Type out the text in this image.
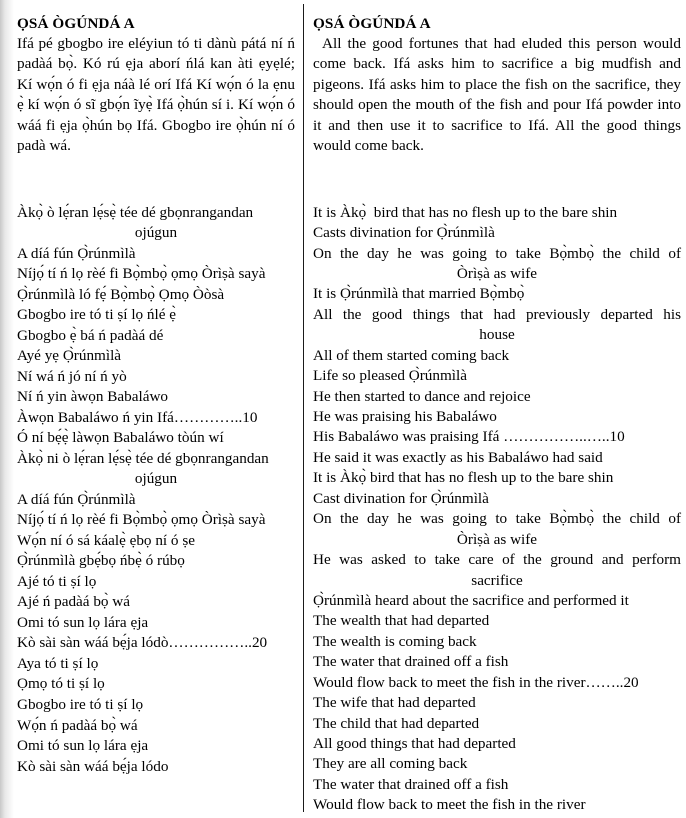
ỌSÁ ÒGÚNDÁ A

Ifá pé gbogbo ire eléyiun tó ti dànù pátá ní ń padàá bọ̀. Kó rú ẹja aborí ńlá kan àti ẹyẹlé; Kí wọ́n ó fi ẹja náà lé orí Ifá Kí wọ́n ó la ẹnu ẹ̀ kí wọ́n ó sĩ gbọ́n ĩyẹ̀ Ifá ọ̀hún sí i. Kí wọ́n ó wáá fi ẹja ọ̀hún bọ Ifá. Gbogbo ire ọ̀hún ní ó padà wá.

Àkọ̀ ò lẹ́ran lẹ́sẹ̀ tée dé gbọnrangandan
ojúgun
A díá fún Ọ̀rúnmìlà
Níjọ́ tí ń lọ rèé fi Bọ̀mbọ̀ ọmọ Òrìṣà sayà
Ọ̀rúnmìlà ló fẹ́ Bọ̀mbọ̀ Ọmọ Òòsà
Gbogbo ire tó ti ṣí lọ ńlé ẹ̀
Gbogbo ẹ̀ bá ń padàá dé
Ayé yẹ Ọ̀rúnmìlà
Ní wá ń jó ní ń yò
Ní ń yin àwọn Babaláwo
Àwọn Babaláwo ń yin Ifá…………..10
Ó ní bẹ́ẹ̀ làwọn Babaláwo tòún wí
Àkọ̀ ni ò lẹ́ran lẹ́sẹ̀ tée dé gbọnrangandan
ojúgun
A díá fún Ọ̀rúnmìlà
Níjọ́ tí ń lọ rèé fi Bọ̀mbọ̀ ọmọ Òrìṣà sayà
Wọ́n ní ó sá káalẹ̀ ẹbọ ní ó ṣe
Ọ̀rúnmìlà gbẹ́bọ ńbẹ̀ ó rúbọ
Ajé tó ti ṣí lọ
Ajé ń padàá bọ̀ wá
Omi tó sun lọ lára ẹja
Kò sài sàn wáá bẹ́ja lódò……………..20
Aya tó ti ṣí lọ
Ọmọ tó ti ṣí lọ
Gbogbo ire tó ti ṣí lọ
Wọ́n ń padàá bọ̀ wá
Omi tó sun lọ lára ẹja
Kò sài sàn wáá bẹ́ja lódo
ỌSÁ ÒGÚNDÁ A

All the good fortunes that had eluded this person would come back. Ifá asks him to sacrifice a big mudfish and pigeons. Ifá asks him to place the fish on the sacrifice, they should open the mouth of the fish and pour Ifá powder into it and then use it to sacrifice to Ifá. All the good things would come back.

It is Àkọ̀  bird that has no flesh up to the bare shin
Casts divination for Ọ̀rúnmìlà
On the day he was going to take Bọ̀mbọ̀ the child of
Òrìṣà as wife
It is Ọ̀rúnmìlà that married Bọ̀mbọ̀
All the good things that had previously departed his
house
All of them started coming back
Life so pleased Ọ̀rúnmìlà
He then started to dance and rejoice
He was praising his Babaláwo
His Babaláwo was praising Ifá ……………..…..10
He said it was exactly as his Babaláwo had said
It is Àkọ̀ bird that has no flesh up to the bare shin
Cast divination for Ọ̀rúnmìlà
On the day he was going to take Bọ̀mbọ̀ the child of
Òrìṣà as wife
He was asked to take care of the ground and perform
sacrifice
Ọ̀rúnmìlà heard about the sacrifice and performed it
The wealth that had departed
The wealth is coming back
The water that drained off a fish
Would flow back to meet the fish in the river……..20
The wife that had departed
The child that had departed
All good things that had departed
They are all coming back
The water that drained off a fish
Would flow back to meet the fish in the river
